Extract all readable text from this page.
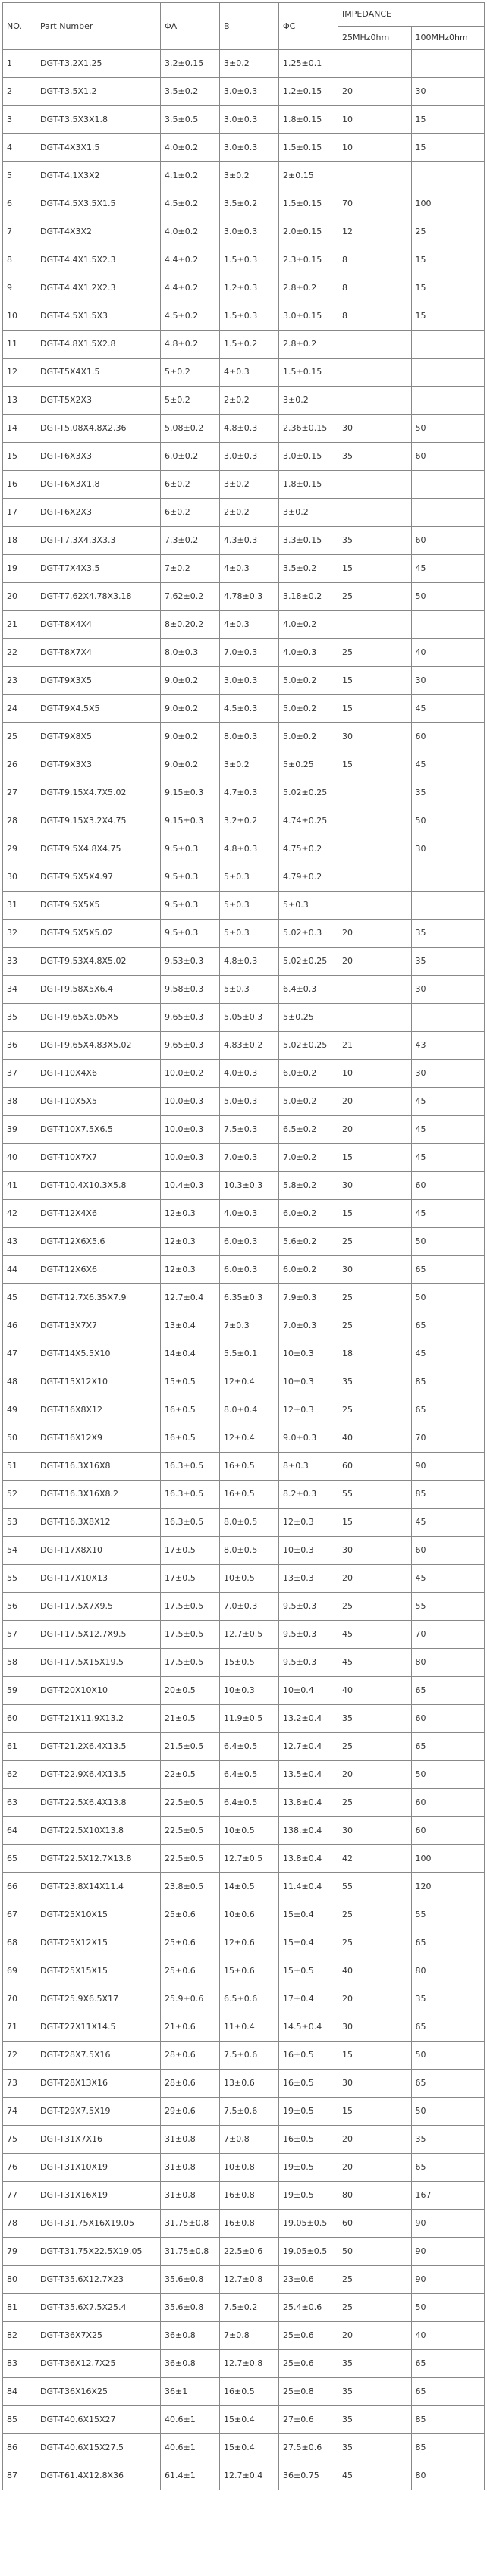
NO.	Part Number	ΦA	B	ΦC	IMPEDANCE	
					25MHz0hm	100MHz0hm
1	DGT-T3.2X1.25	3.2±0.15	3±0.2	1.25±0.1		
2	DGT-T3.5X1.2	3.5±0.2	3.0±0.3	1.2±0.15	20	30
3	DGT-T3.5X3X1.8	3.5±0.5	3.0±0.3	1.8±0.15	10	15
4	DGT-T4X3X1.5	4.0±0.2	3.0±0.3	1.5±0.15	10	15
5	DGT-T4.1X3X2	4.1±0.2	3±0.2	2±0.15		
6	DGT-T4.5X3.5X1.5	4.5±0.2	3.5±0.2	1.5±0.15	70	100
7	DGT-T4X3X2	4.0±0.2	3.0±0.3	2.0±0.15	12	25
8	DGT-T4.4X1.5X2.3	4.4±0.2	1.5±0.3	2.3±0.15	8	15
9	DGT-T4.4X1.2X2.3	4.4±0.2	1.2±0.3	2.8±0.2	8	15
10	DGT-T4.5X1.5X3	4.5±0.2	1.5±0.3	3.0±0.15	8	15
11	DGT-T4.8X1.5X2.8	4.8±0.2	1.5±0.2	2.8±0.2		
12	DGT-T5X4X1.5	5±0.2	4±0.3	1.5±0.15		
13	DGT-T5X2X3	5±0.2	2±0.2	3±0.2		
14	DGT-T5.08X4.8X2.36	5.08±0.2	4.8±0.3	2.36±0.15	30	50
15	DGT-T6X3X3	6.0±0.2	3.0±0.3	3.0±0.15	35	60
16	DGT-T6X3X1.8	6±0.2	3±0.2	1.8±0.15		
17	DGT-T6X2X3	6±0.2	2±0.2	3±0.2		
18	DGT-T7.3X4.3X3.3	7.3±0.2	4.3±0.3	3.3±0.15	35	60
19	DGT-T7X4X3.5	7±0.2	4±0.3	3.5±0.2	15	45
20	DGT-T7.62X4.78X3.18	7.62±0.2	4.78±0.3	3.18±0.2	25	50
21	DGT-T8X4X4	8±0.20.2	4±0.3	4.0±0.2		
22	DGT-T8X7X4	8.0±0.3	7.0±0.3	4.0±0.3	25	40
23	DGT-T9X3X5	9.0±0.2	3.0±0.3	5.0±0.2	15	30
24	DGT-T9X4.5X5	9.0±0.2	4.5±0.3	5.0±0.2	15	45
25	DGT-T9X8X5	9.0±0.2	8.0±0.3	5.0±0.2	30	60
26	DGT-T9X3X3	9.0±0.2	3±0.2	5±0.25	15	45
27	DGT-T9.15X4.7X5.02	9.15±0.3	4.7±0.3	5.02±0.25		35
28	DGT-T9.15X3.2X4.75	9.15±0.3	3.2±0.2	4.74±0.25		50
29	DGT-T9.5X4.8X4.75	9.5±0.3	4.8±0.3	4.75±0.2		30
30	DGT-T9.5X5X4.97	9.5±0.3	5±0.3	4.79±0.2		
31	DGT-T9.5X5X5	9.5±0.3	5±0.3	5±0.3		
32	DGT-T9.5X5X5.02	9.5±0.3	5±0.3	5.02±0.3	20	35
33	DGT-T9.53X4.8X5.02	9.53±0.3	4.8±0.3	5.02±0.25	20	35
34	DGT-T9.58X5X6.4	9.58±0.3	5±0.3	6.4±0.3		30
35	DGT-T9.65X5.05X5	9.65±0.3	5.05±0.3	5±0.25		
36	DGT-T9.65X4.83X5.02	9.65±0.3	4.83±0.2	5.02±0.25	21	43
37	DGT-T10X4X6	10.0±0.2	4.0±0.3	6.0±0.2	10	30
38	DGT-T10X5X5	10.0±0.3	5.0±0.3	5.0±0.2	20	45
39	DGT-T10X7.5X6.5	10.0±0.3	7.5±0.3	6.5±0.2	20	45
40	DGT-T10X7X7	10.0±0.3	7.0±0.3	7.0±0.2	15	45
41	DGT-T10.4X10.3X5.8	10.4±0.3	10.3±0.3	5.8±0.2	30	60
42	DGT-T12X4X6	12±0.3	4.0±0.3	6.0±0.2	15	45
43	DGT-T12X6X5.6	12±0.3	6.0±0.3	5.6±0.2	25	50
44	DGT-T12X6X6	12±0.3	6.0±0.3	6.0±0.2	30	65
45	DGT-T12.7X6.35X7.9	12.7±0.4	6.35±0.3	7.9±0.3	25	50
46	DGT-T13X7X7	13±0.4	7±0.3	7.0±0.3	25	65
47	DGT-T14X5.5X10	14±0.4	5.5±0.1	10±0.3	18	45
48	DGT-T15X12X10	15±0.5	12±0.4	10±0.3	35	85
49	DGT-T16X8X12	16±0.5	8.0±0.4	12±0.3	25	65
50	DGT-T16X12X9	16±0.5	12±0.4	9.0±0.3	40	70
51	DGT-T16.3X16X8	16.3±0.5	16±0.5	8±0.3	60	90
52	DGT-T16.3X16X8.2	16.3±0.5	16±0.5	8.2±0.3	55	85
53	DGT-T16.3X8X12	16.3±0.5	8.0±0.5	12±0.3	15	45
54	DGT-T17X8X10	17±0.5	8.0±0.5	10±0.3	30	60
55	DGT-T17X10X13	17±0.5	10±0.5	13±0.3	20	45
56	DGT-T17.5X7X9.5	17.5±0.5	7.0±0.3	9.5±0.3	25	55
57	DGT-T17.5X12.7X9.5	17.5±0.5	12.7±0.5	9.5±0.3	45	70
58	DGT-T17.5X15X19.5	17.5±0.5	15±0.5	9.5±0.3	45	80
59	DGT-T20X10X10	20±0.5	10±0.3	10±0.4	40	65
60	DGT-T21X11.9X13.2	21±0.5	11.9±0.5	13.2±0.4	35	60
61	DGT-T21.2X6.4X13.5	21.5±0.5	6.4±0.5	12.7±0.4	25	65
62	DGT-T22.9X6.4X13.5	22±0.5	6.4±0.5	13.5±0.4	20	50
63	DGT-T22.5X6.4X13.8	22.5±0.5	6.4±0.5	13.8±0.4	25	60
64	DGT-T22.5X10X13.8	22.5±0.5	10±0.5	138.±0.4	30	60
65	DGT-T22.5X12.7X13.8	22.5±0.5	12.7±0.5	13.8±0.4	42	100
66	DGT-T23.8X14X11.4	23.8±0.5	14±0.5	11.4±0.4	55	120
67	DGT-T25X10X15	25±0.6	10±0.6	15±0.4	25	55
68	DGT-T25X12X15	25±0.6	12±0.6	15±0.4	25	65
69	DGT-T25X15X15	25±0.6	15±0.6	15±0.5	40	80
70	DGT-T25.9X6.5X17	25.9±0.6	6.5±0.6	17±0.4	20	35
71	DGT-T27X11X14.5	21±0.6	11±0.4	14.5±0.4	30	65
72	DGT-T28X7.5X16	28±0.6	7.5±0.6	16±0.5	15	50
73	DGT-T28X13X16	28±0.6	13±0.6	16±0.5	30	65
74	DGT-T29X7.5X19	29±0.6	7.5±0.6	19±0.5	15	50
75	DGT-T31X7X16	31±0.8	7±0.8	16±0.5	20	35
76	DGT-T31X10X19	31±0.8	10±0.8	19±0.5	20	65
77	DGT-T31X16X19	31±0.8	16±0.8	19±0.5	80	167
78	DGT-T31.75X16X19.05	31.75±0.8	16±0.8	19.05±0.5	60	90
79	DGT-T31.75X22.5X19.05	31.75±0.8	22.5±0.6	19.05±0.5	50	90
80	DGT-T35.6X12.7X23	35.6±0.8	12.7±0.8	23±0.6	25	90
81	DGT-T35.6X7.5X25.4	35.6±0.8	7.5±0.2	25.4±0.6	25	50
82	DGT-T36X7X25	36±0.8	7±0.8	25±0.6	20	40
83	DGT-T36X12.7X25	36±0.8	12.7±0.8	25±0.6	35	65
84	DGT-T36X16X25	36±1	16±0.5	25±0.8	35	65
85	DGT-T40.6X15X27	40.6±1	15±0.4	27±0.6	35	85
86	DGT-T40.6X15X27.5	40.6±1	15±0.4	27.5±0.6	35	85
87	DGT-T61.4X12.8X36	61.4±1	12.7±0.4	36±0.75	45	80
